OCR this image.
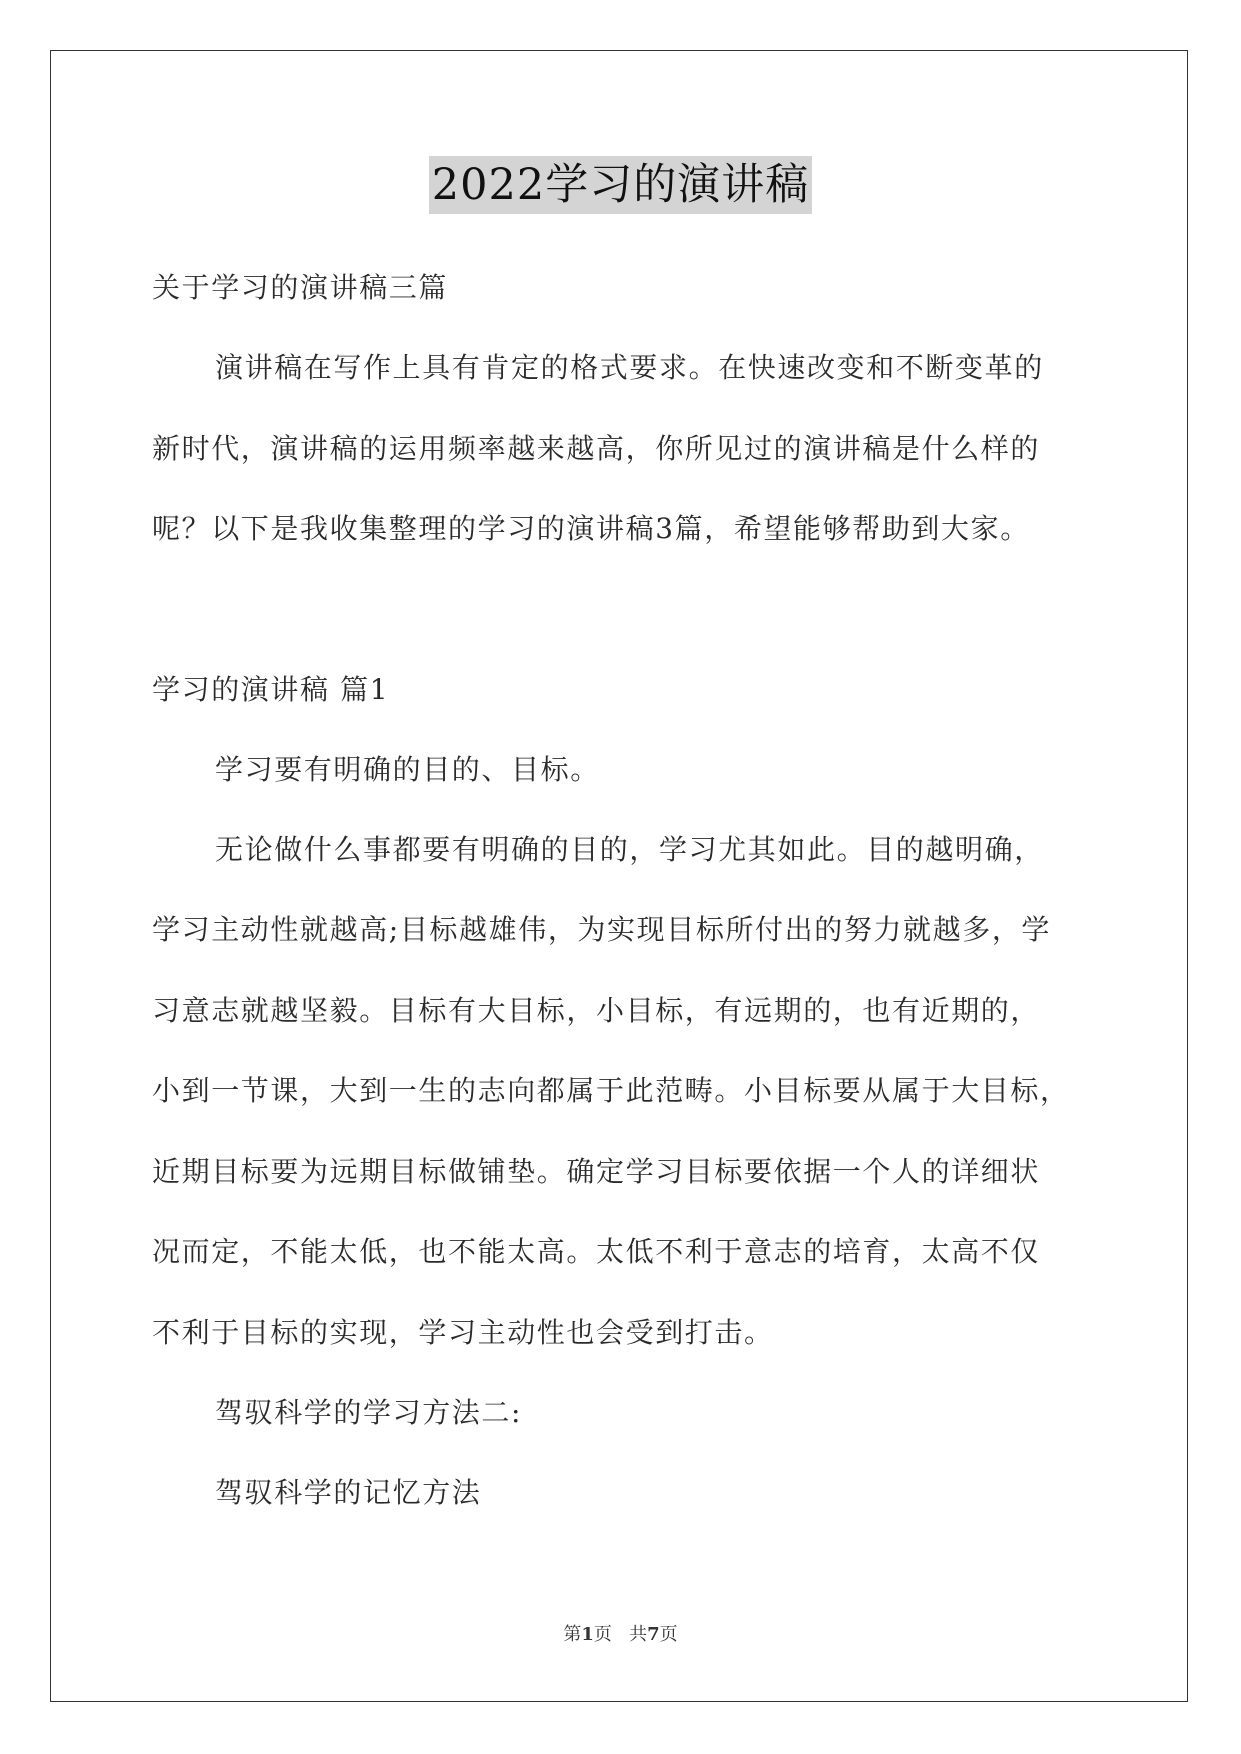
2022学习的演讲稿
关于学习的演讲稿三篇
演讲稿在写作上具有肯定的格式要求。在快速改变和不断变革的
新时代，演讲稿的运用频率越来越高，你所见过的演讲稿是什么样的
呢？以下是我收集整理的学习的演讲稿3篇，希望能够帮助到大家。
学习的演讲稿 篇1
学习要有明确的目的、目标。
无论做什么事都要有明确的目的，学习尤其如此。目的越明确，
学习主动性就越高;目标越雄伟，为实现目标所付出的努力就越多，学
习意志就越坚毅。目标有大目标，小目标，有远期的，也有近期的，
小到一节课，大到一生的志向都属于此范畴。小目标要从属于大目标，
近期目标要为远期目标做铺垫。确定学习目标要依据一个人的详细状
况而定，不能太低，也不能太高。太低不利于意志的培育，太高不仅
不利于目标的实现，学习主动性也会受到打击。
驾驭科学的学习方法二:
驾驭科学的记忆方法
第1页 共7页
